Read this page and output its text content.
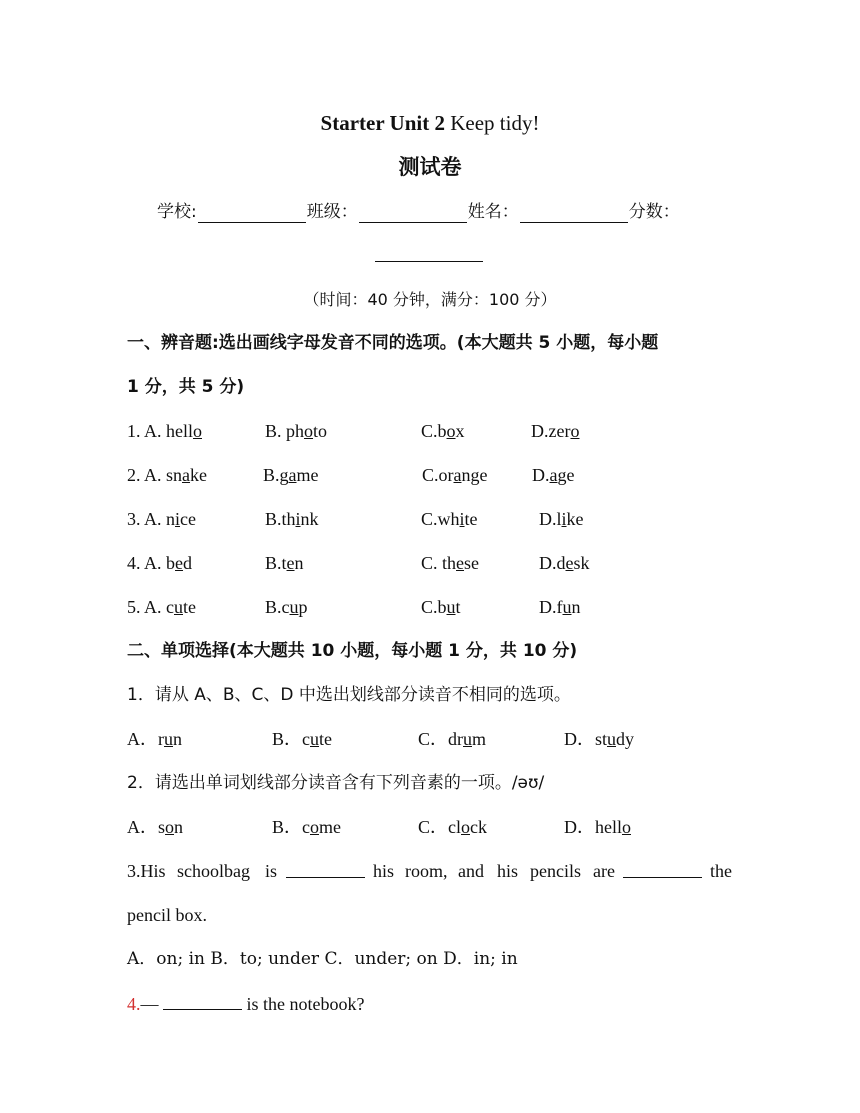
Starter Unit 2 Keep tidy!
测试卷
学校:	班级：	姓名：	分数：
（时间：40 分钟，满分：100 分）
一、辨音题:选出画线字母发音不同的选项。(本大题共 5 小题，每小题
1 分，共 5 分)
1. A. hello	B. photo	C.box	D.zero
2. A. snake	B.game	C.orange D.age
3. A. nice	B.think	C.white	D.like
4. A. bed	B.ten	C. these	D.desk
5. A. cute	B.cup	C.but	D.fun
二、单项选择(本大题共 10 小题，每小题 1 分，共 10 分)
1．请从 A、B、C、D 中选出划线部分读音不相同的选项。
A．run	B．cute	C．drum	D．study
2．请选出单词划线部分读音含有下列音素的一项。/əʊ/
A．son	B．come	C．clock	D．hello
3.His schoolbag is	his room, and his pencils are	the
pencil box.
A．on; in B．to; under C．under; on D．in; in
4.—	is the notebook?
